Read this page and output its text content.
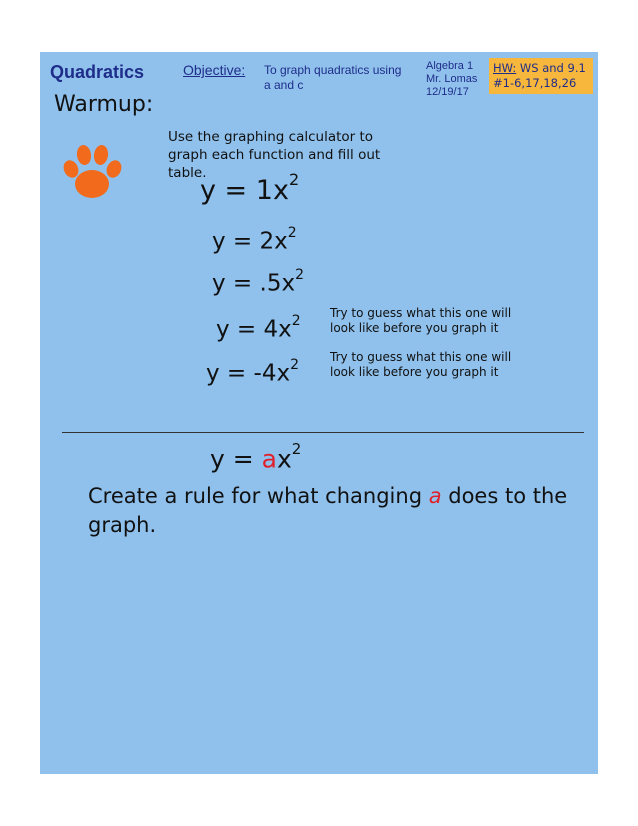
Quadratics	Objective: To graph quadratics using
a and c
Algebra 1
Mr. Lomas
12/19/17
HW: WS and 9.1
#1-6,17,18,26
Warmup:
Use the graphing calculator to
graph each function and fill out
table.
$y = 1x^2$
$y = 2x^2$
$y = .5x^2$
$y = 4x^2$ Try to guess what this one will
look like before you graph it
$y = -4x^2$	Try to guess what this one will
look like before you graph it
$y = ax^2$
Create a rule for what changing a does to the graph.
